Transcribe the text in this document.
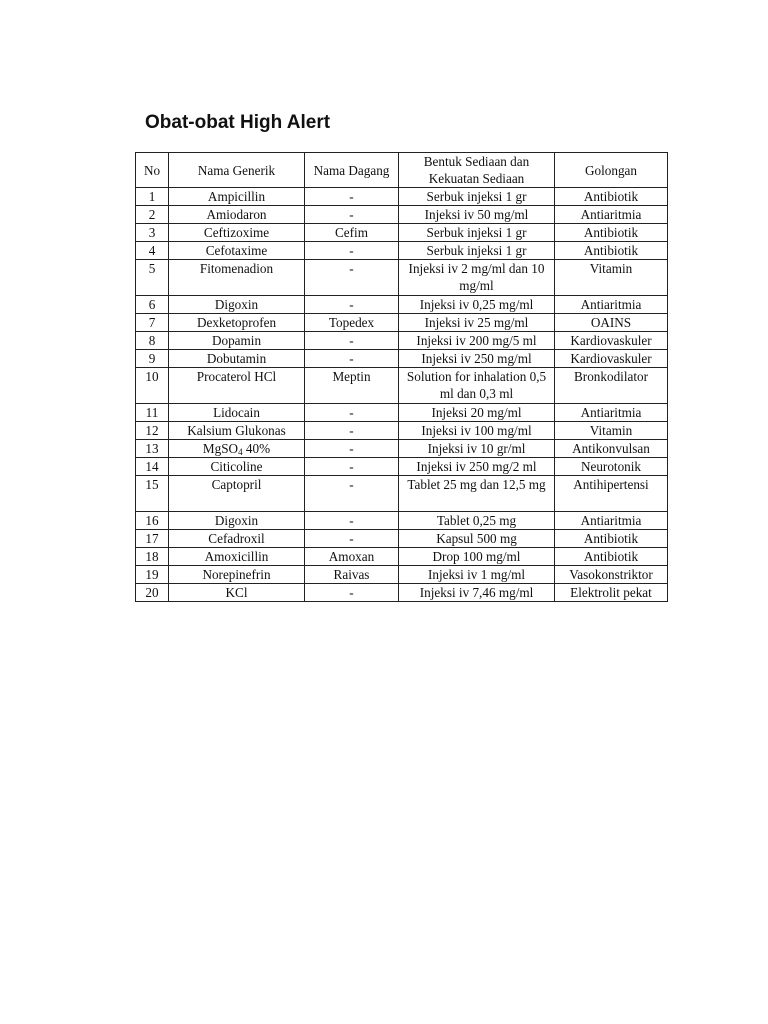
Obat-obat High Alert
No	Nama Generik	Nama Dagang	Bentuk Sediaan dan Kekuatan Sediaan	Golongan
1	Ampicillin	-	Serbuk injeksi 1 gr	Antibiotik
2	Amiodaron	-	Injeksi iv 50 mg/ml	Antiaritmia
3	Ceftizoxime	Cefim	Serbuk injeksi 1 gr	Antibiotik
4	Cefotaxime	-	Serbuk injeksi 1 gr	Antibiotik
5	Fitomenadion	-	Injeksi iv 2 mg/ml dan 10 mg/ml	Vitamin
6	Digoxin	-	Injeksi iv 0,25 mg/ml	Antiaritmia
7	Dexketoprofen	Topedex	Injeksi iv 25 mg/ml	OAINS
8	Dopamin	-	Injeksi iv 200 mg/5 ml	Kardiovaskuler
9	Dobutamin	-	Injeksi iv 250 mg/ml	Kardiovaskuler
10	Procaterol HCl	Meptin	Solution for inhalation 0,5 ml dan 0,3 ml	Bronkodilator
11	Lidocain	-	Injeksi 20 mg/ml	Antiaritmia
12	Kalsium Glukonas	-	Injeksi iv 100 mg/ml	Vitamin
13	MgSO$_4$ 40%	-	Injeksi iv 10 gr/ml	Antikonvulsan
14	Citicoline	-	Injeksi iv 250 mg/2 ml	Neurotonik
15	Captopril	-	Tablet 25 mg dan 12,5 mg	Antihipertensi
16	Digoxin	-	Tablet 0,25 mg	Antiaritmia
17	Cefadroxil	-	Kapsul 500 mg	Antibiotik
18	Amoxicillin	Amoxan	Drop 100 mg/ml	Antibiotik
19	Norepinefrin	Raivas	Injeksi iv 1 mg/ml	Vasokonstriktor
20	KCl	-	Injeksi iv 7,46 mg/ml	Elektrolit pekat
